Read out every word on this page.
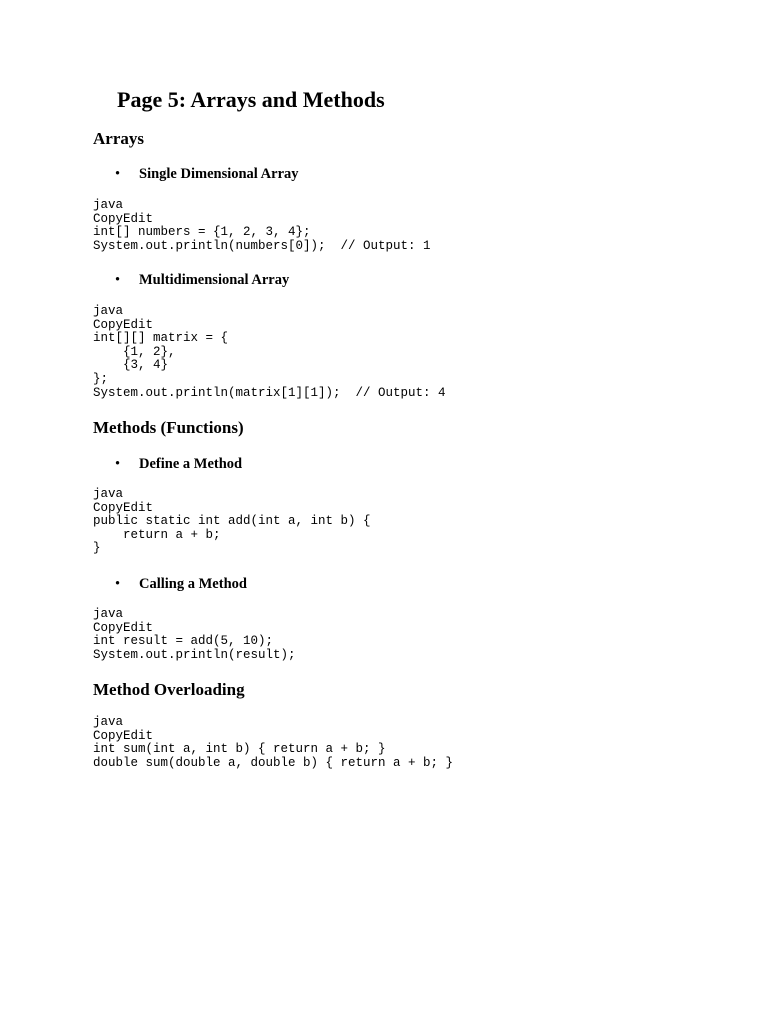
Page 5: Arrays and Methods
Arrays
• Single Dimensional Array
java
CopyEdit
int[] numbers = {1, 2, 3, 4};
System.out.println(numbers[0]);  // Output: 1
• Multidimensional Array
java
CopyEdit
int[][] matrix = {
{1, 2},
{3, 4}
};
System.out.println(matrix[1][1]);  // Output: 4
Methods (Functions)
• Define a Method
java
CopyEdit
public static int add(int a, int b) {
return a + b;
}
• Calling a Method
java
CopyEdit
int result = add(5, 10);
System.out.println(result);
Method Overloading
java
CopyEdit
int sum(int a, int b) { return a + b; }
double sum(double a, double b) { return a + b; }
